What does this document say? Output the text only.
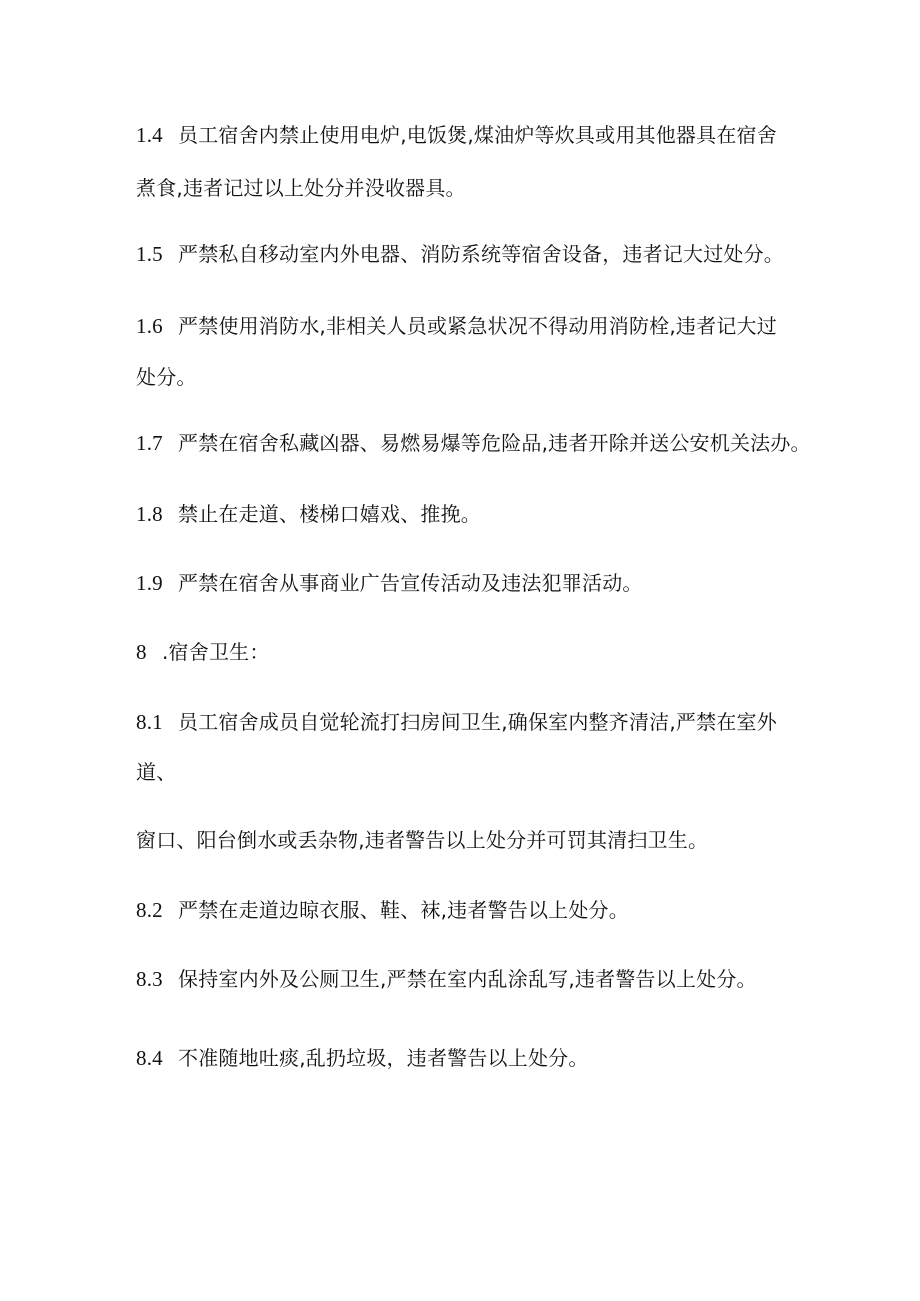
1.4 员工宿舍内禁止使用电炉,电饭煲,煤油炉等炊具或用其他器具在宿舍
煮食,违者记过以上处分并没收器具。
1.5 严禁私自移动室内外电器、消防系统等宿舍设备，违者记大过处分。
1.6 严禁使用消防水,非相关人员或紧急状况不得动用消防栓,违者记大过
处分。
1.7 严禁在宿舍私藏凶器、易燃易爆等危险品,违者开除并送公安机关法办。
1.8 禁止在走道、楼梯口嬉戏、推挽。
1.9 严禁在宿舍从事商业广告宣传活动及违法犯罪活动。
8 .宿舍卫生：
8.1 员工宿舍成员自觉轮流打扫房间卫生,确保室内整齐清洁,严禁在室外
道、
窗口、阳台倒水或丢杂物,违者警告以上处分并可罚其清扫卫生。
8.2 严禁在走道边晾衣服、鞋、袜,违者警告以上处分。
8.3 保持室内外及公厕卫生,严禁在室内乱涂乱写,违者警告以上处分。
8.4 不准随地吐痰,乱扔垃圾，违者警告以上处分。
